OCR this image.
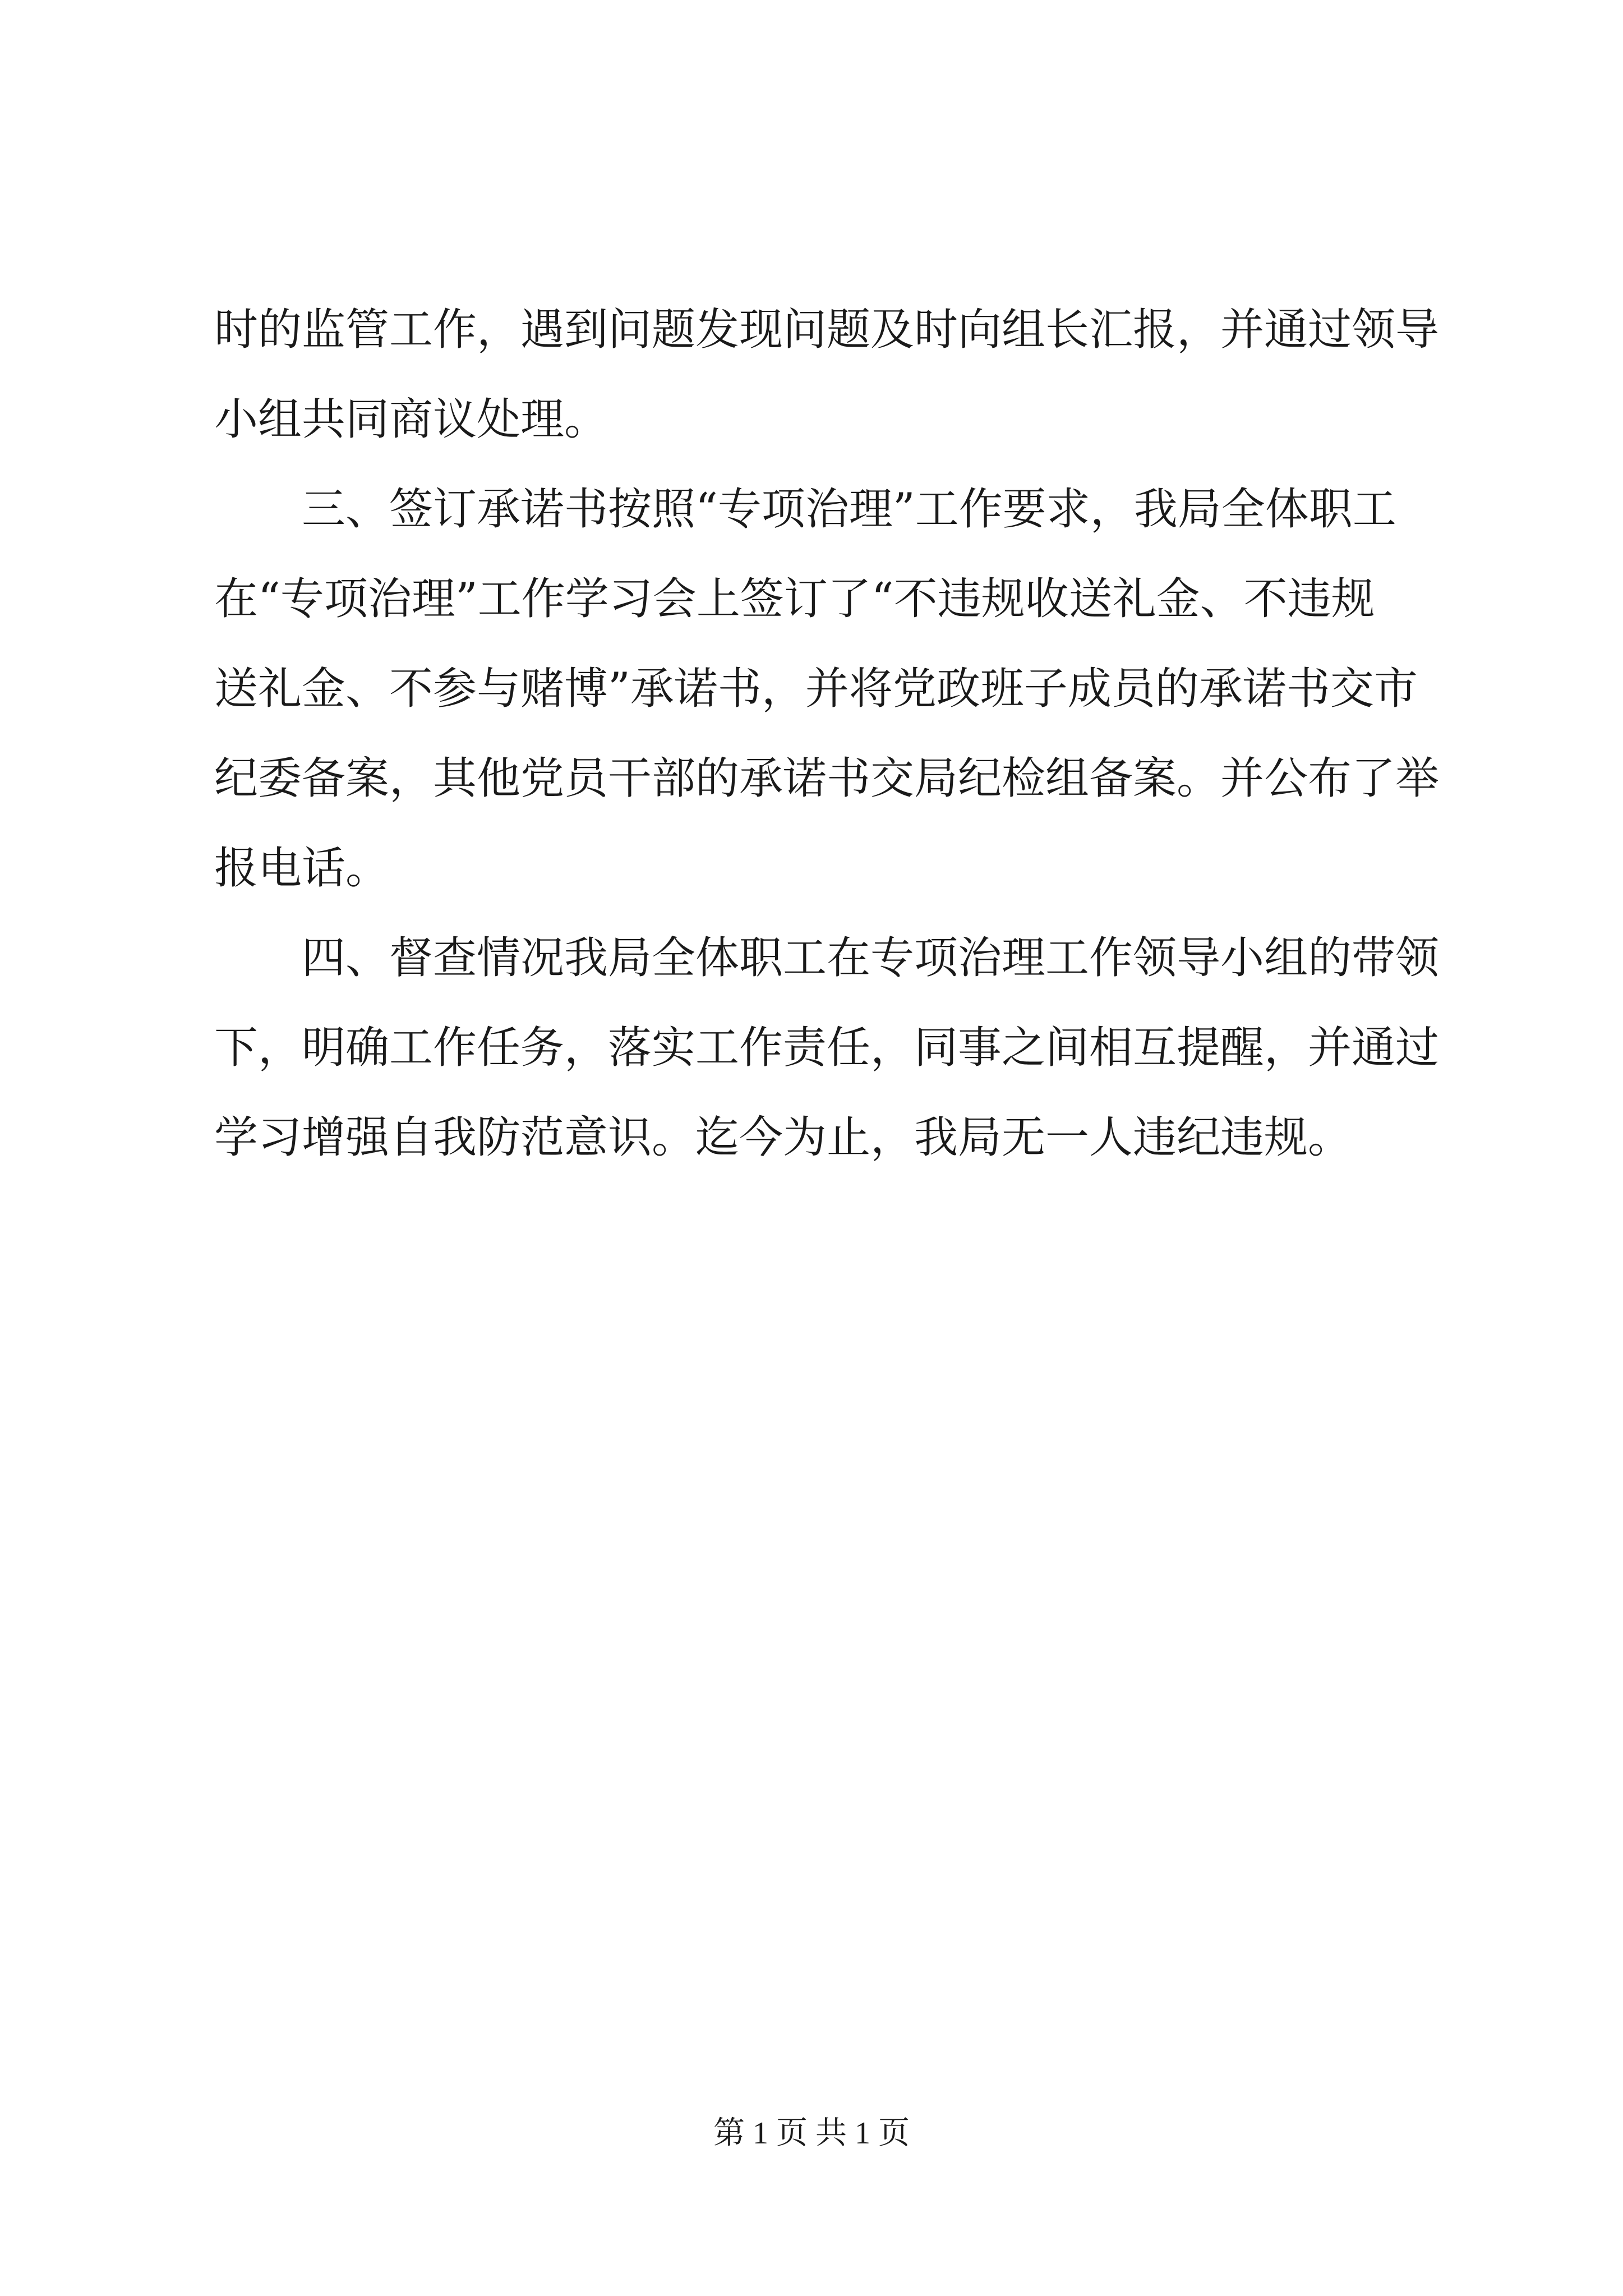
时的监管工作，遇到问题发现问题及时向组长汇报，并通过领导
小组共同商议处理。
三、签订承诺书按照“专项治理”工作要求，我局全体职工
在“专项治理”工作学习会上签订了“不违规收送礼金、不违规
送礼金、不参与赌博”承诺书，并将党政班子成员的承诺书交市
纪委备案，其他党员干部的承诺书交局纪检组备案。并公布了举
报电话。
四、督查情况我局全体职工在专项治理工作领导小组的带领
下，明确工作任务，落实工作责任，同事之间相互提醒，并通过
学习增强自我防范意识。迄今为止，我局无一人违纪违规。
第 1 页 共 1 页
